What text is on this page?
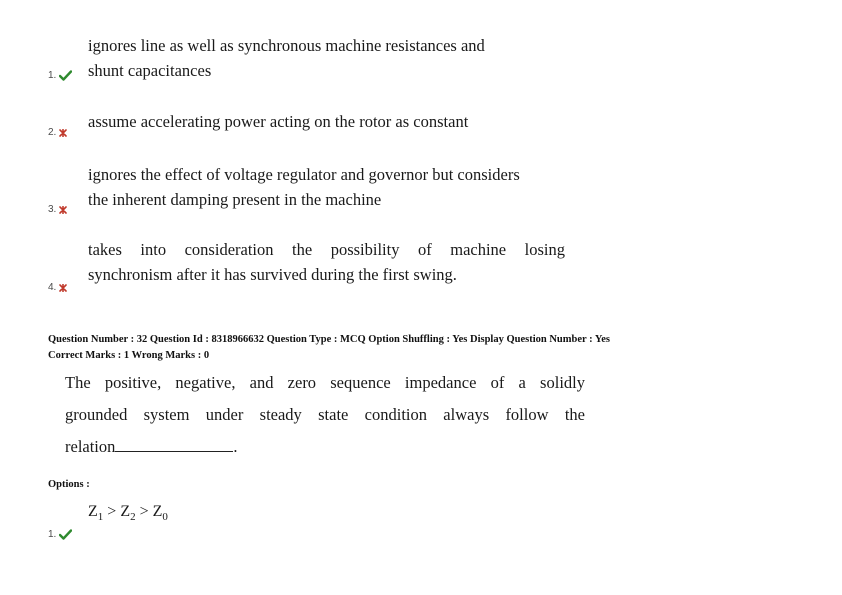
ignores line as well as synchronous machine resistances and
shunt capacitances
1.
assume accelerating power acting on the rotor as constant
2.
ignores the effect of voltage regulator and governor but considers
the inherent damping present in the machine
3.
takes into consideration the possibility of machine losing
synchronism after it has survived during the first swing.
4.
Question Number : 32 Question Id : 8318966632 Question Type : MCQ Option Shuffling : Yes Display Question Number : Yes
Correct Marks : 1 Wrong Marks : 0
The positive, negative, and zero sequence impedance of a solidly
grounded system under steady state condition always follow the
relation	.
Options :
$Z_1 > Z_2 > Z_0$
1.
